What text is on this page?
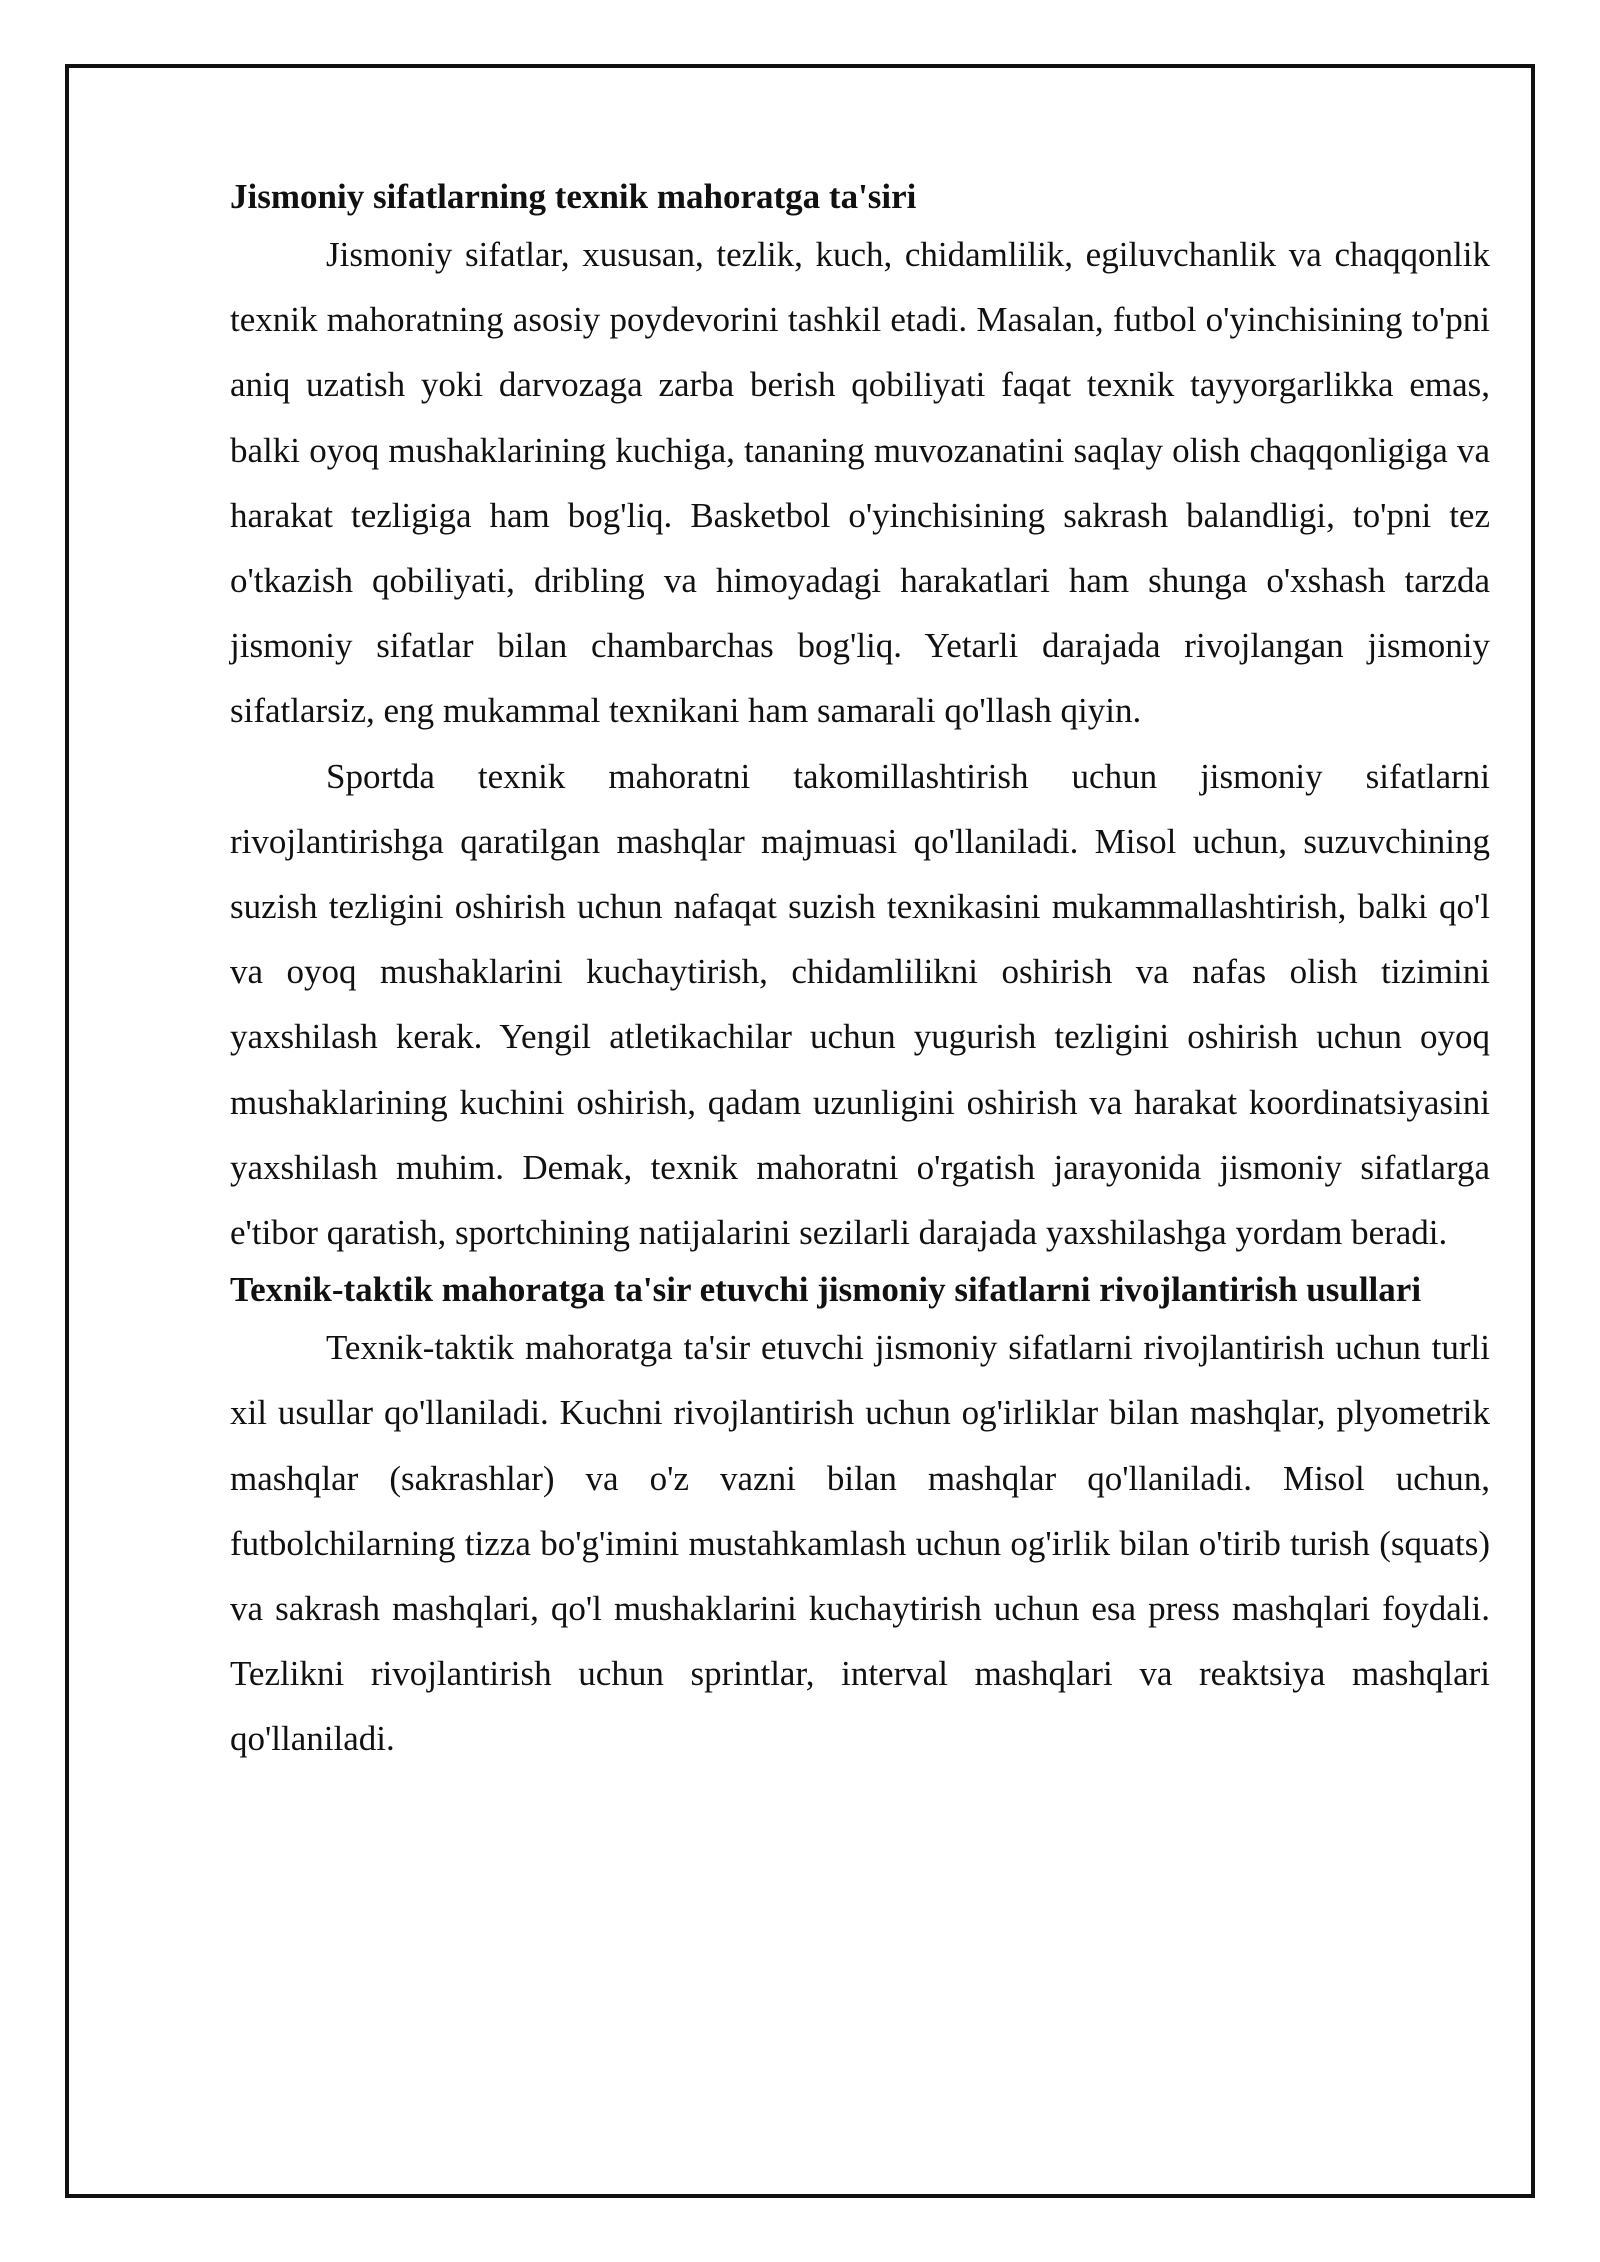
Jismoniy sifatlarning texnik mahoratga ta'siri

Jismoniy sifatlar, xususan, tezlik, kuch, chidamlilik, egiluvchanlik va chaqqonlik texnik mahoratning asosiy poydevorini tashkil etadi. Masalan, futbol o'yinchisining to'pni aniq uzatish yoki darvozaga zarba berish qobiliyati faqat texnik tayyorgarlikka emas, balki oyoq mushaklarining kuchiga, tananing muvozanatini saqlay olish chaqqonligiga va harakat tezligiga ham bog'liq. Basketbol o'yinchisining sakrash balandligi, to'pni tez o'tkazish qobiliyati, dribling va himoyadagi harakatlari ham shunga o'xshash tarzda jismoniy sifatlar bilan chambarchas bog'liq. Yetarli darajada rivojlangan jismoniy sifatlarsiz, eng mukammal texnikani ham samarali qo'llash qiyin.

Sportda texnik mahoratni takomillashtirish uchun jismoniy sifatlarni rivojlantirishga qaratilgan mashqlar majmuasi qo'llaniladi. Misol uchun, suzuvchining suzish tezligini oshirish uchun nafaqat suzish texnikasini mukammallashtirish, balki qo'l va oyoq mushaklarini kuchaytirish, chidamlilikni oshirish va nafas olish tizimini yaxshilash kerak. Yengil atletikachilar uchun yugurish tezligini oshirish uchun oyoq mushaklarining kuchini oshirish, qadam uzunligini oshirish va harakat koordinatsiyasini yaxshilash muhim. Demak, texnik mahoratni o'rgatish jarayonida jismoniy sifatlarga e'tibor qaratish, sportchining natijalarini sezilarli darajada yaxshilashga yordam beradi.

Texnik-taktik mahoratga ta'sir etuvchi jismoniy sifatlarni rivojlantirish usullari

Texnik-taktik mahoratga ta'sir etuvchi jismoniy sifatlarni rivojlantirish uchun turli xil usullar qo'llaniladi. Kuchni rivojlantirish uchun og'irliklar bilan mashqlar, plyometrik mashqlar (sakrashlar) va o'z vazni bilan mashqlar qo'llaniladi. Misol uchun, futbolchilarning tizza bo'g'imini mustahkamlash uchun og'irlik bilan o'tirib turish (squats) va sakrash mashqlari, qo'l mushaklarini kuchaytirish uchun esa press mashqlari foydali. Tezlikni rivojlantirish uchun sprintlar, interval mashqlari va reaktsiya mashqlari qo'llaniladi.
